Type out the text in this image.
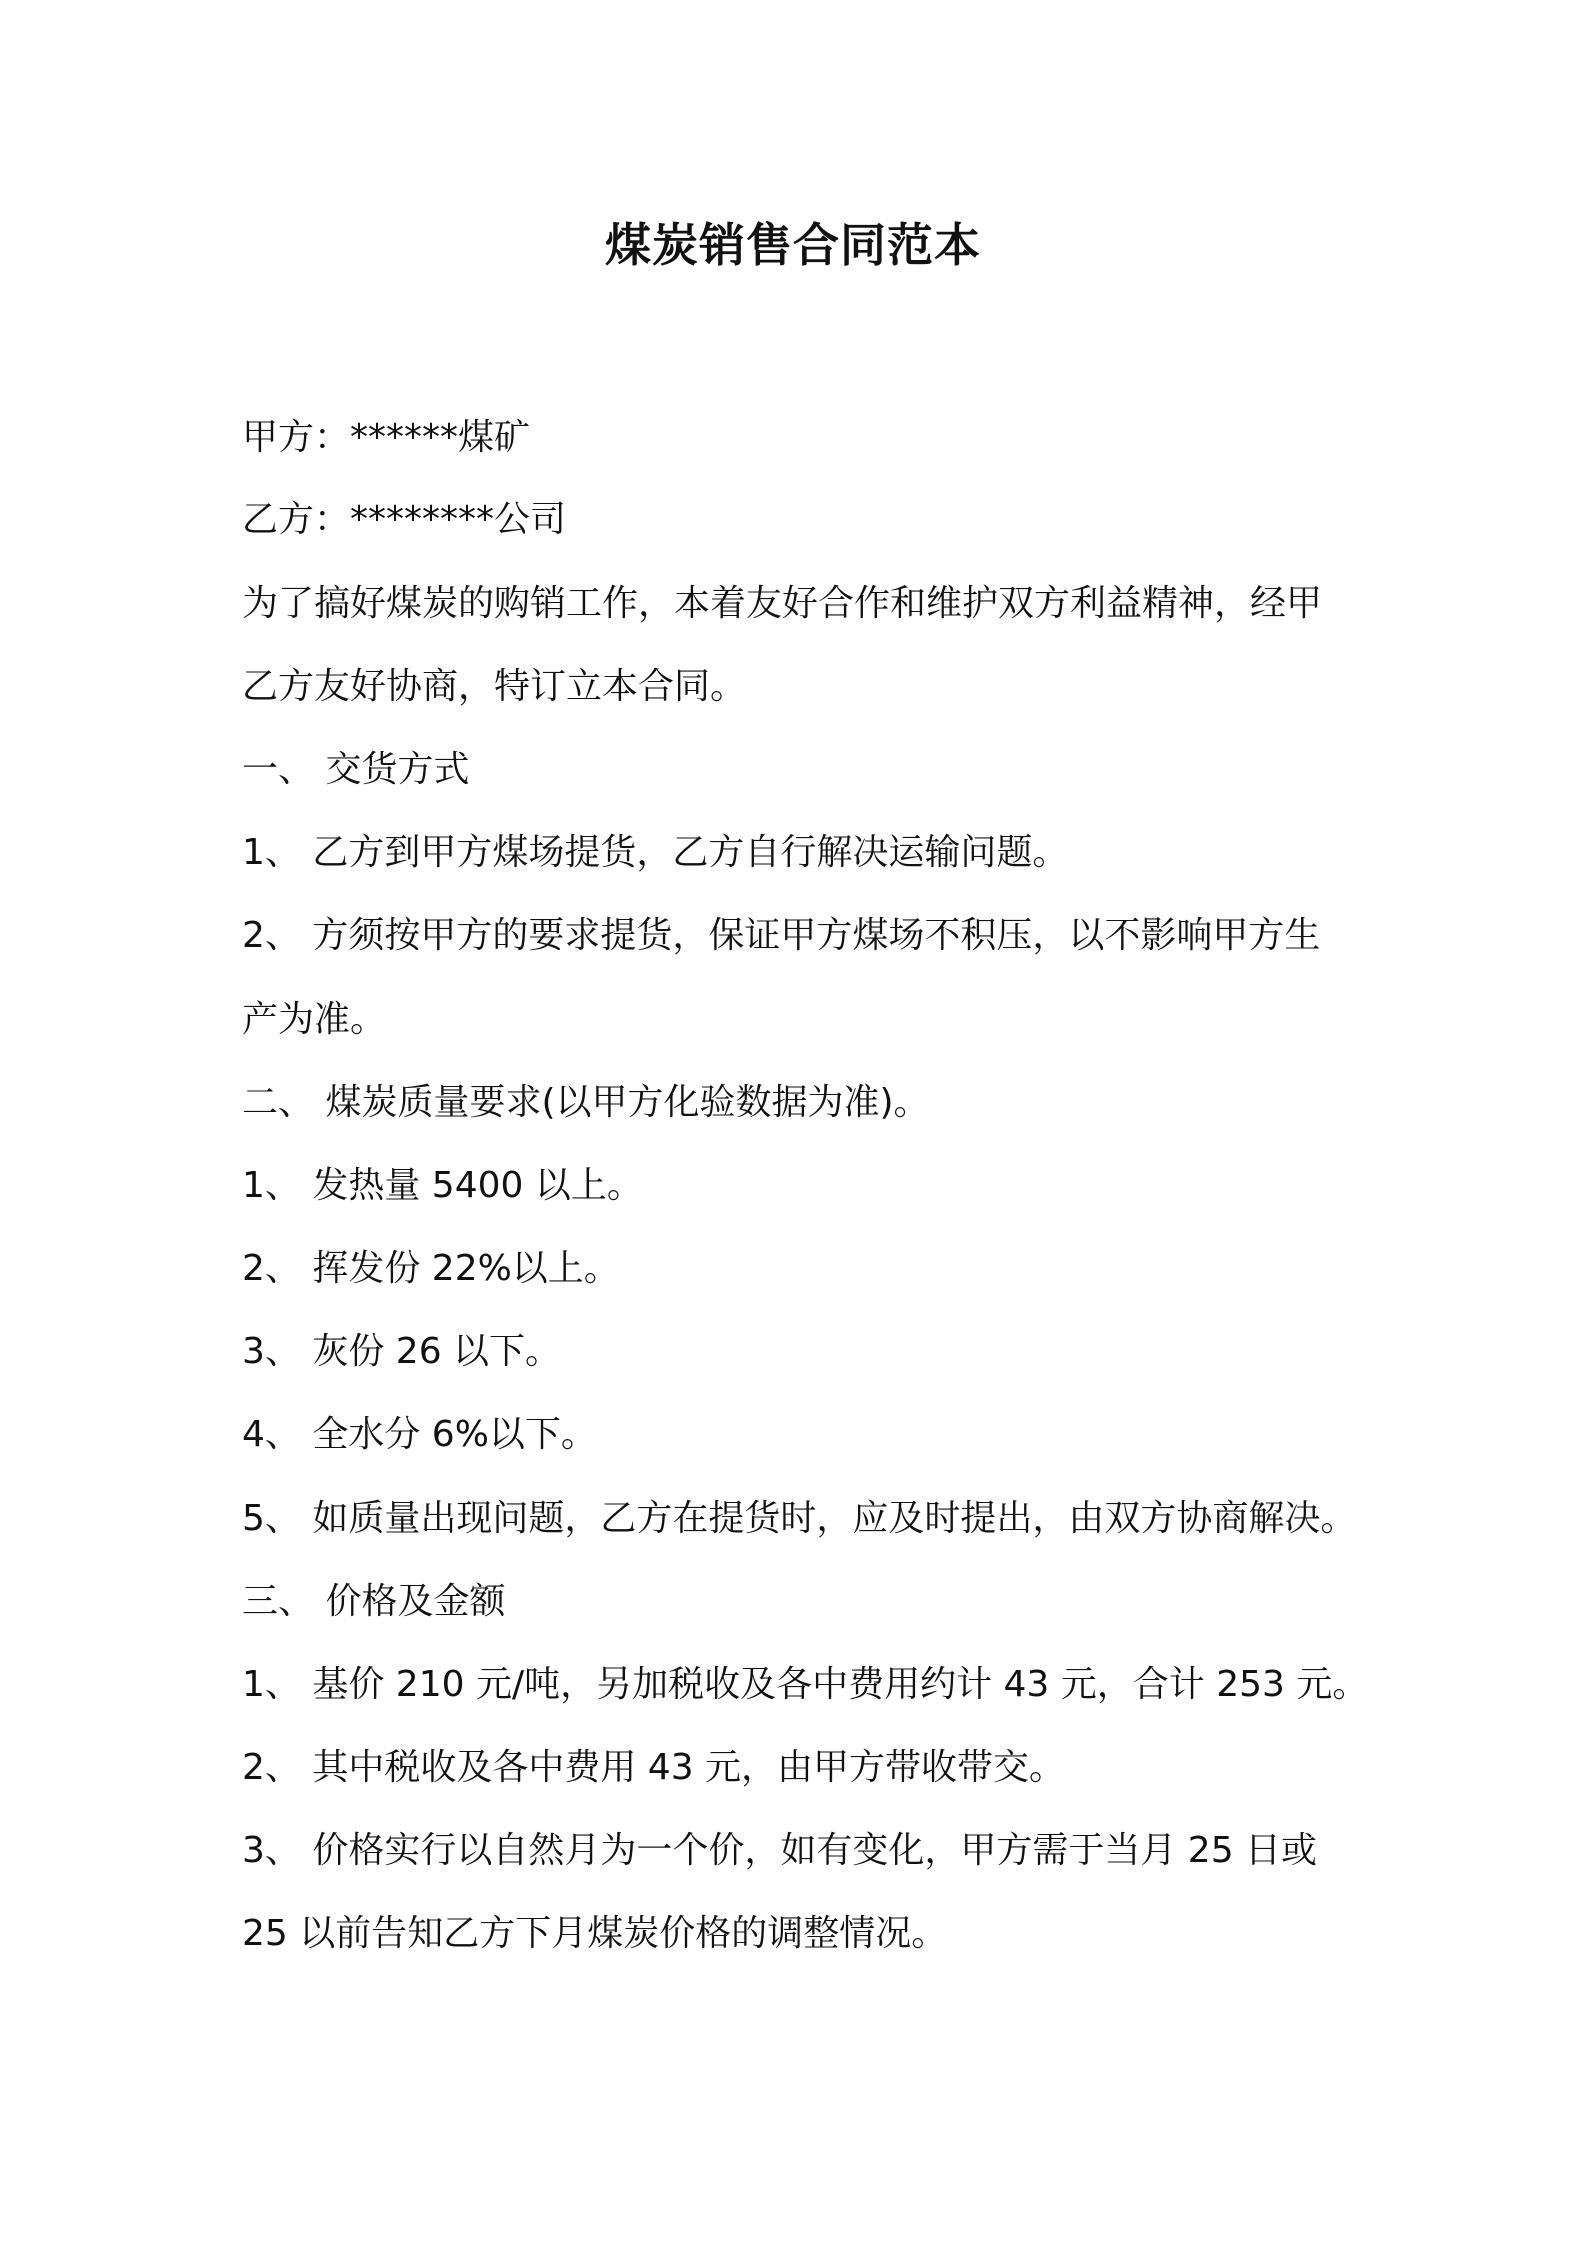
煤炭销售合同范本
甲方：******煤矿
乙方：********公司
为了搞好煤炭的购销工作，本着友好合作和维护双方利益精神，经甲
乙方友好协商，特订立本合同。
一、 交货方式
1、 乙方到甲方煤场提货，乙方自行解决运输问题。
2、 方须按甲方的要求提货，保证甲方煤场不积压，以不影响甲方生
产为准。
二、 煤炭质量要求(以甲方化验数据为准)。
1、 发热量 5400 以上。
2、 挥发份 22%以上。
3、 灰份 26 以下。
4、 全水分 6%以下。
5、 如质量出现问题，乙方在提货时，应及时提出，由双方协商解决。
三、 价格及金额
1、 基价 210 元/吨，另加税收及各中费用约计 43 元，合计 253 元。
2、 其中税收及各中费用 43 元，由甲方带收带交。
3、 价格实行以自然月为一个价，如有变化，甲方需于当月 25 日或
25 以前告知乙方下月煤炭价格的调整情况。
